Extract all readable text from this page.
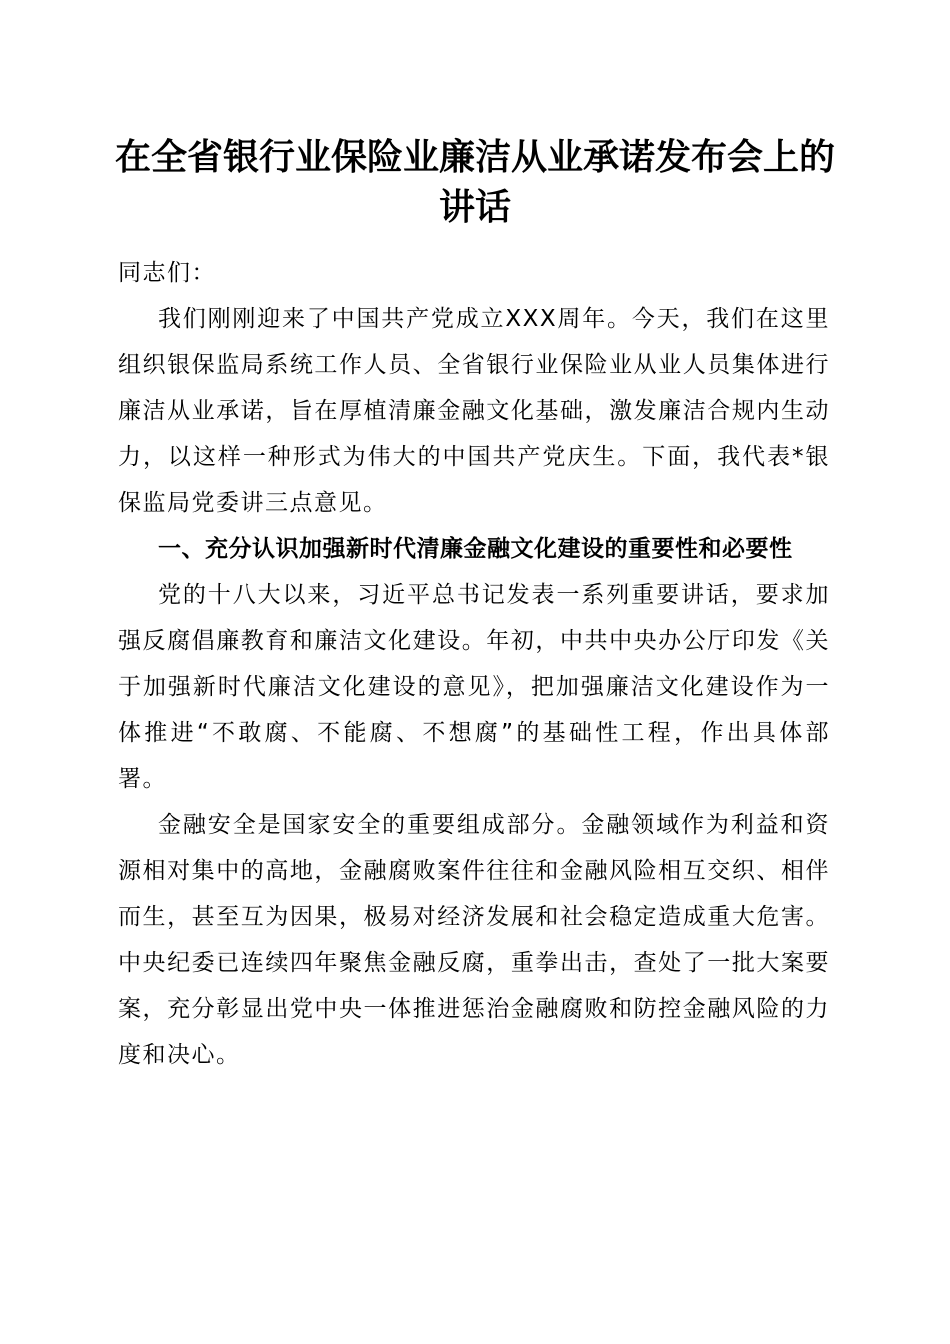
在全省银行业保险业廉洁从业承诺发布会上的
讲话

同志们：

我们刚刚迎来了中国共产党成立XXX周年。今天，我们在这里组织银保监局系统工作人员、全省银行业保险业从业人员集体进行廉洁从业承诺，旨在厚植清廉金融文化基础，激发廉洁合规内生动力，以这样一种形式为伟大的中国共产党庆生。下面，我代表*银保监局党委讲三点意见。

一、充分认识加强新时代清廉金融文化建设的重要性和必要性

党的十八大以来，习近平总书记发表一系列重要讲话，要求加强反腐倡廉教育和廉洁文化建设。年初，中共中央办公厅印发《关于加强新时代廉洁文化建设的意见》，把加强廉洁文化建设作为一体推进“不敢腐、不能腐、不想腐”的基础性工程，作出具体部署。

金融安全是国家安全的重要组成部分。金融领域作为利益和资源相对集中的高地，金融腐败案件往往和金融风险相互交织、相伴而生，甚至互为因果，极易对经济发展和社会稳定造成重大危害。中央纪委已连续四年聚焦金融反腐，重拳出击，查处了一批大案要案，充分彰显出党中央一体推进惩治金融腐败和防控金融风险的力度和决心。
